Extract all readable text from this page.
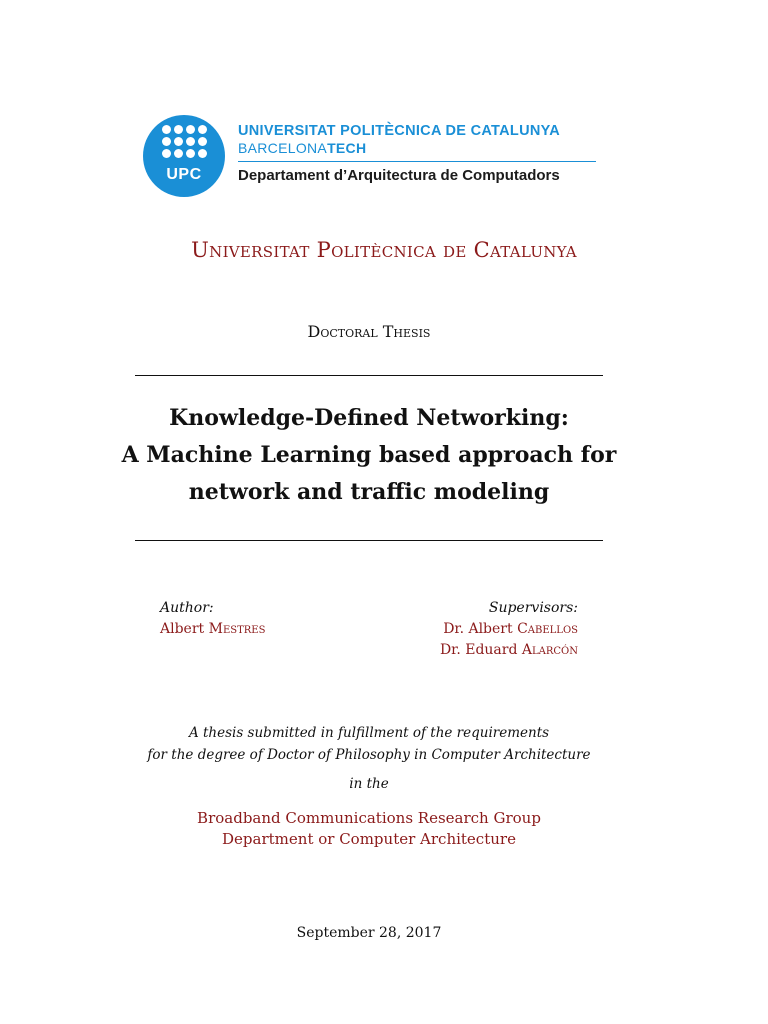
UPC
UNIVERSITAT POLITÈCNICA DE CATALUNYA
BARCELONATECH
Departament d’Arquitectura de Computadors
Universitat Politècnica de Catalunya
Doctoral Thesis
Knowledge-Defined Networking:
A Machine Learning based approach for
network and traffic modeling
Author:
Albert Mestres
Supervisors:
Dr. Albert Cabellos
Dr. Eduard Alarcón
A thesis submitted in fulfillment of the requirements
for the degree of Doctor of Philosophy in Computer Architecture
in the
Broadband Communications Research Group
Department or Computer Architecture
September 28, 2017
